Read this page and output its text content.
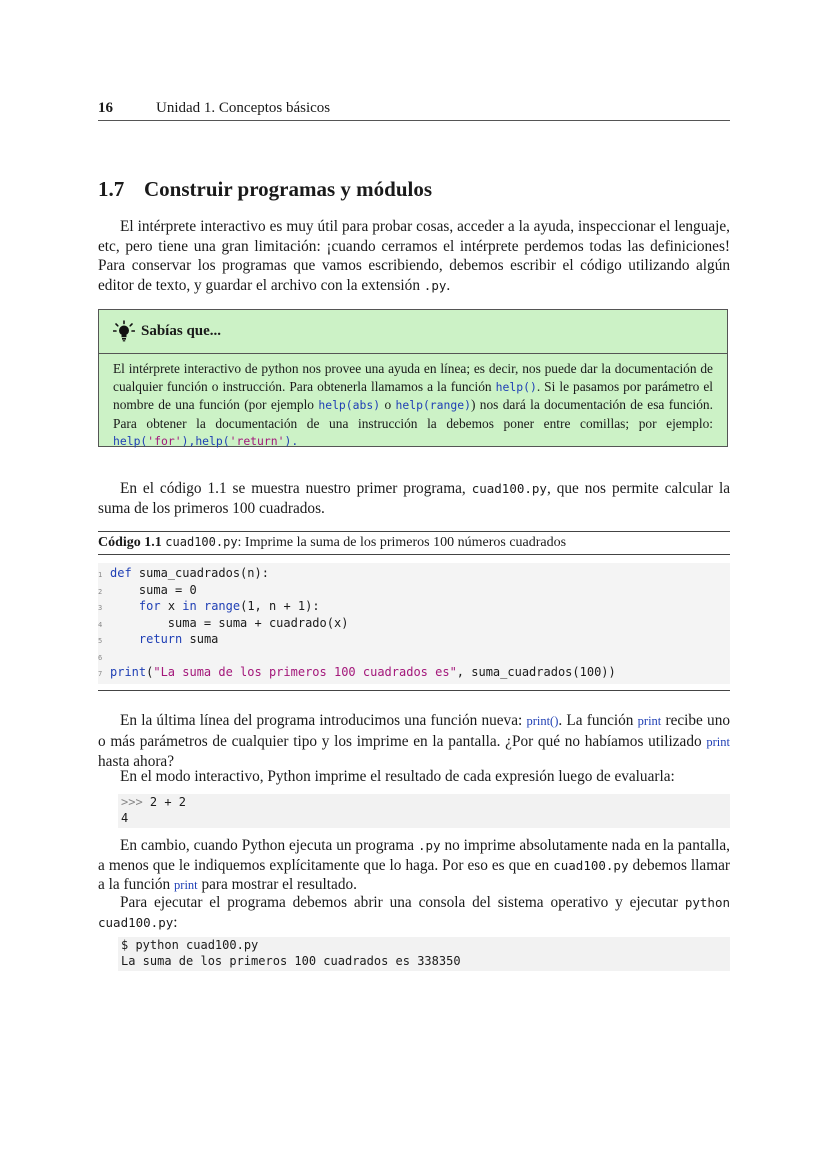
16	Unidad 1. Conceptos básicos
1.7 Construir programas y módulos
El intérprete interactivo es muy útil para probar cosas, acceder a la ayuda, inspeccionar el lenguaje, etc, pero tiene una gran limitación: ¡cuando cerramos el intérprete perdemos todas las definiciones! Para conservar los programas que vamos escribiendo, debemos escribir el código utilizando algún editor de texto, y guardar el archivo con la extensión .py.
Sabías que...
El intérprete interactivo de python nos provee una ayuda en línea; es decir, nos puede dar la documentación de cualquier función o instrucción. Para obtenerla llamamos a la función help(). Si le pasamos por parámetro el nombre de una función (por ejemplo help(abs) o help(range)) nos dará la documentación de esa función. Para obtener la documentación de una instrucción la debemos poner entre comillas; por ejemplo: help('for'),help('return').
En el código 1.1 se muestra nuestro primer programa, cuad100.py, que nos permite calcular la suma de los primeros 100 cuadrados.
Código 1.1 cuad100.py: Imprime la suma de los primeros 100 números cuadrados
1 def suma_cuadrados(n):
2	suma = 0
3	for x in range(1, n + 1):
4	suma = suma + cuadrado(x)
5	return suma
6
7 print("La suma de los primeros 100 cuadrados es", suma_cuadrados(100))
En la última línea del programa introducimos una función nueva: print(). La función print recibe uno o más parámetros de cualquier tipo y los imprime en la pantalla. ¿Por qué no habíamos utilizado print hasta ahora?
En el modo interactivo, Python imprime el resultado de cada expresión luego de evaluarla:
>>> 2 + 2
4
En cambio, cuando Python ejecuta un programa .py no imprime absolutamente nada en la pantalla, a menos que le indiquemos explícitamente que lo haga. Por eso es que en cuad100.py debemos llamar a la función print para mostrar el resultado.
Para ejecutar el programa debemos abrir una consola del sistema operativo y ejecutar python cuad100.py:
$ python cuad100.py
La suma de los primeros 100 cuadrados es 338350
